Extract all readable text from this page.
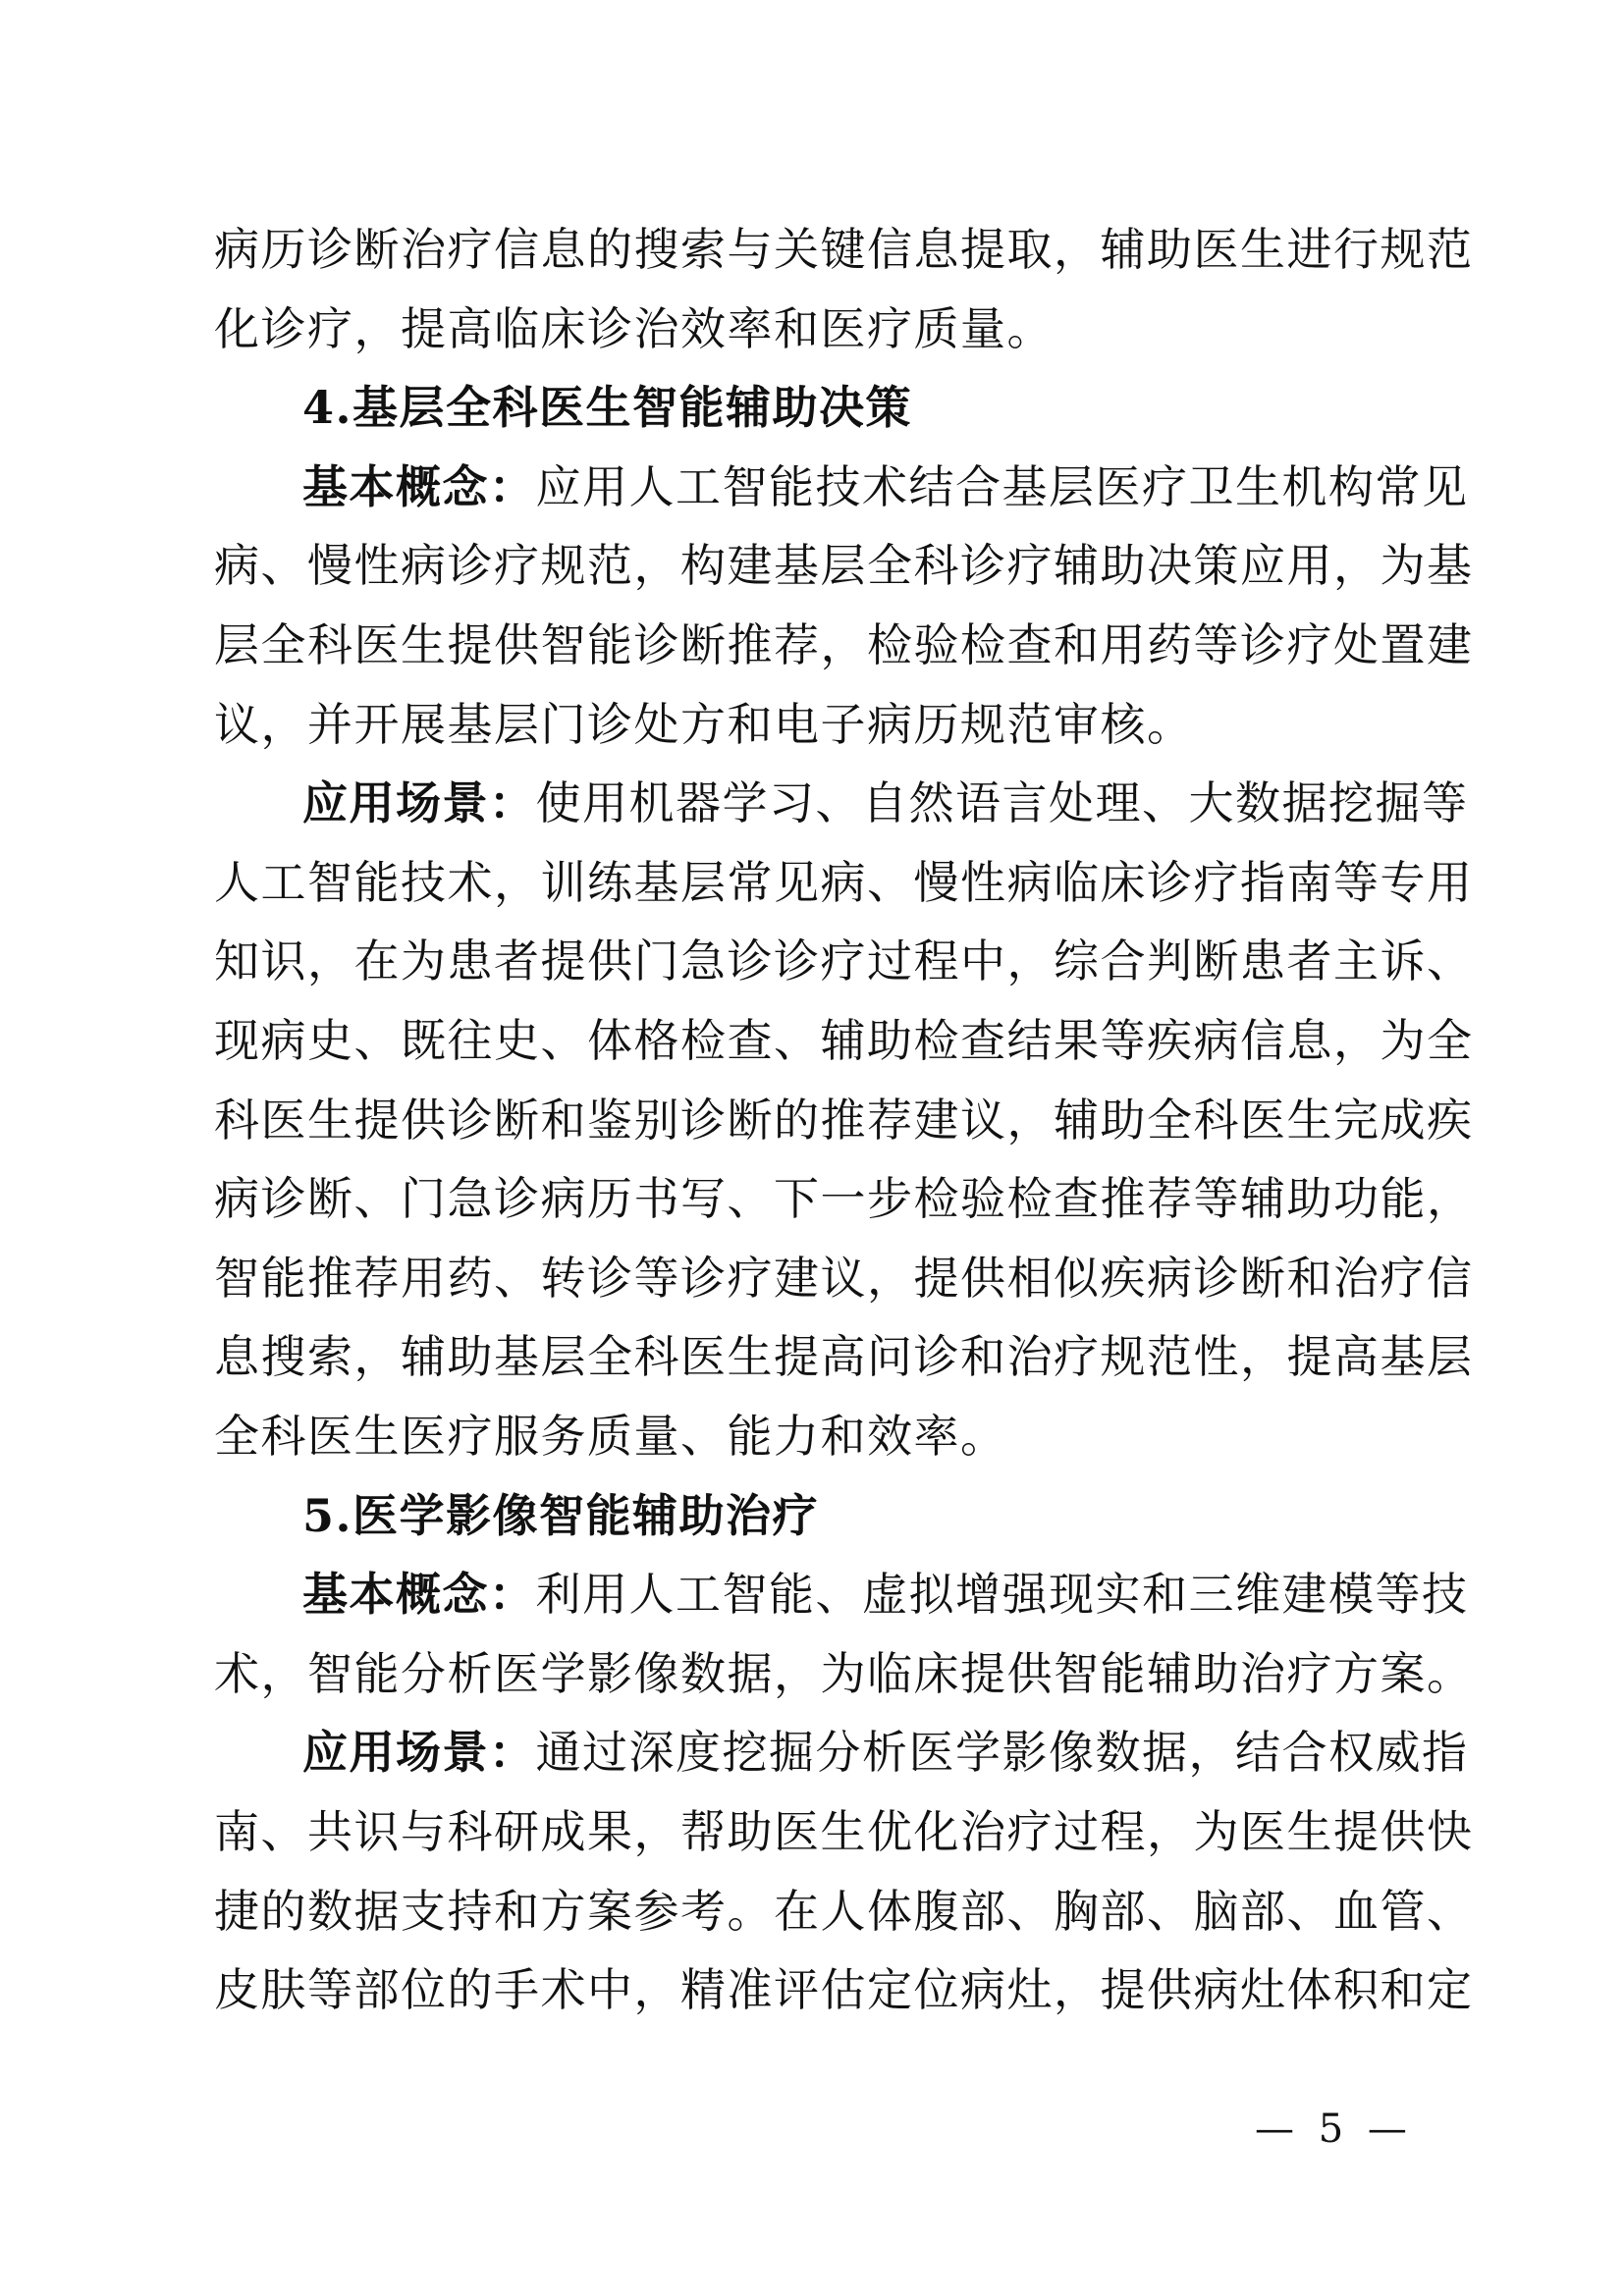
病历诊断治疗信息的搜索与关键信息提取，辅助医生进行规范
化诊疗，提高临床诊治效率和医疗质量。
4.基层全科医生智能辅助决策
基本概念：应用人工智能技术结合基层医疗卫生机构常见
病、慢性病诊疗规范，构建基层全科诊疗辅助决策应用，为基
层全科医生提供智能诊断推荐，检验检查和用药等诊疗处置建
议，并开展基层门诊处方和电子病历规范审核。
应用场景：使用机器学习、自然语言处理、大数据挖掘等
人工智能技术，训练基层常见病、慢性病临床诊疗指南等专用
知识，在为患者提供门急诊诊疗过程中，综合判断患者主诉、
现病史、既往史、体格检查、辅助检查结果等疾病信息，为全
科医生提供诊断和鉴别诊断的推荐建议，辅助全科医生完成疾
病诊断、门急诊病历书写、下一步检验检查推荐等辅助功能，
智能推荐用药、转诊等诊疗建议，提供相似疾病诊断和治疗信
息搜索，辅助基层全科医生提高问诊和治疗规范性，提高基层
全科医生医疗服务质量、能力和效率。
5.医学影像智能辅助治疗
基本概念：利用人工智能、虚拟增强现实和三维建模等技
术，智能分析医学影像数据，为临床提供智能辅助治疗方案。
应用场景：通过深度挖掘分析医学影像数据，结合权威指
南、共识与科研成果，帮助医生优化治疗过程，为医生提供快
捷的数据支持和方案参考。在人体腹部、胸部、脑部、血管、
皮肤等部位的手术中，精准评估定位病灶，提供病灶体积和定
— 5 —
